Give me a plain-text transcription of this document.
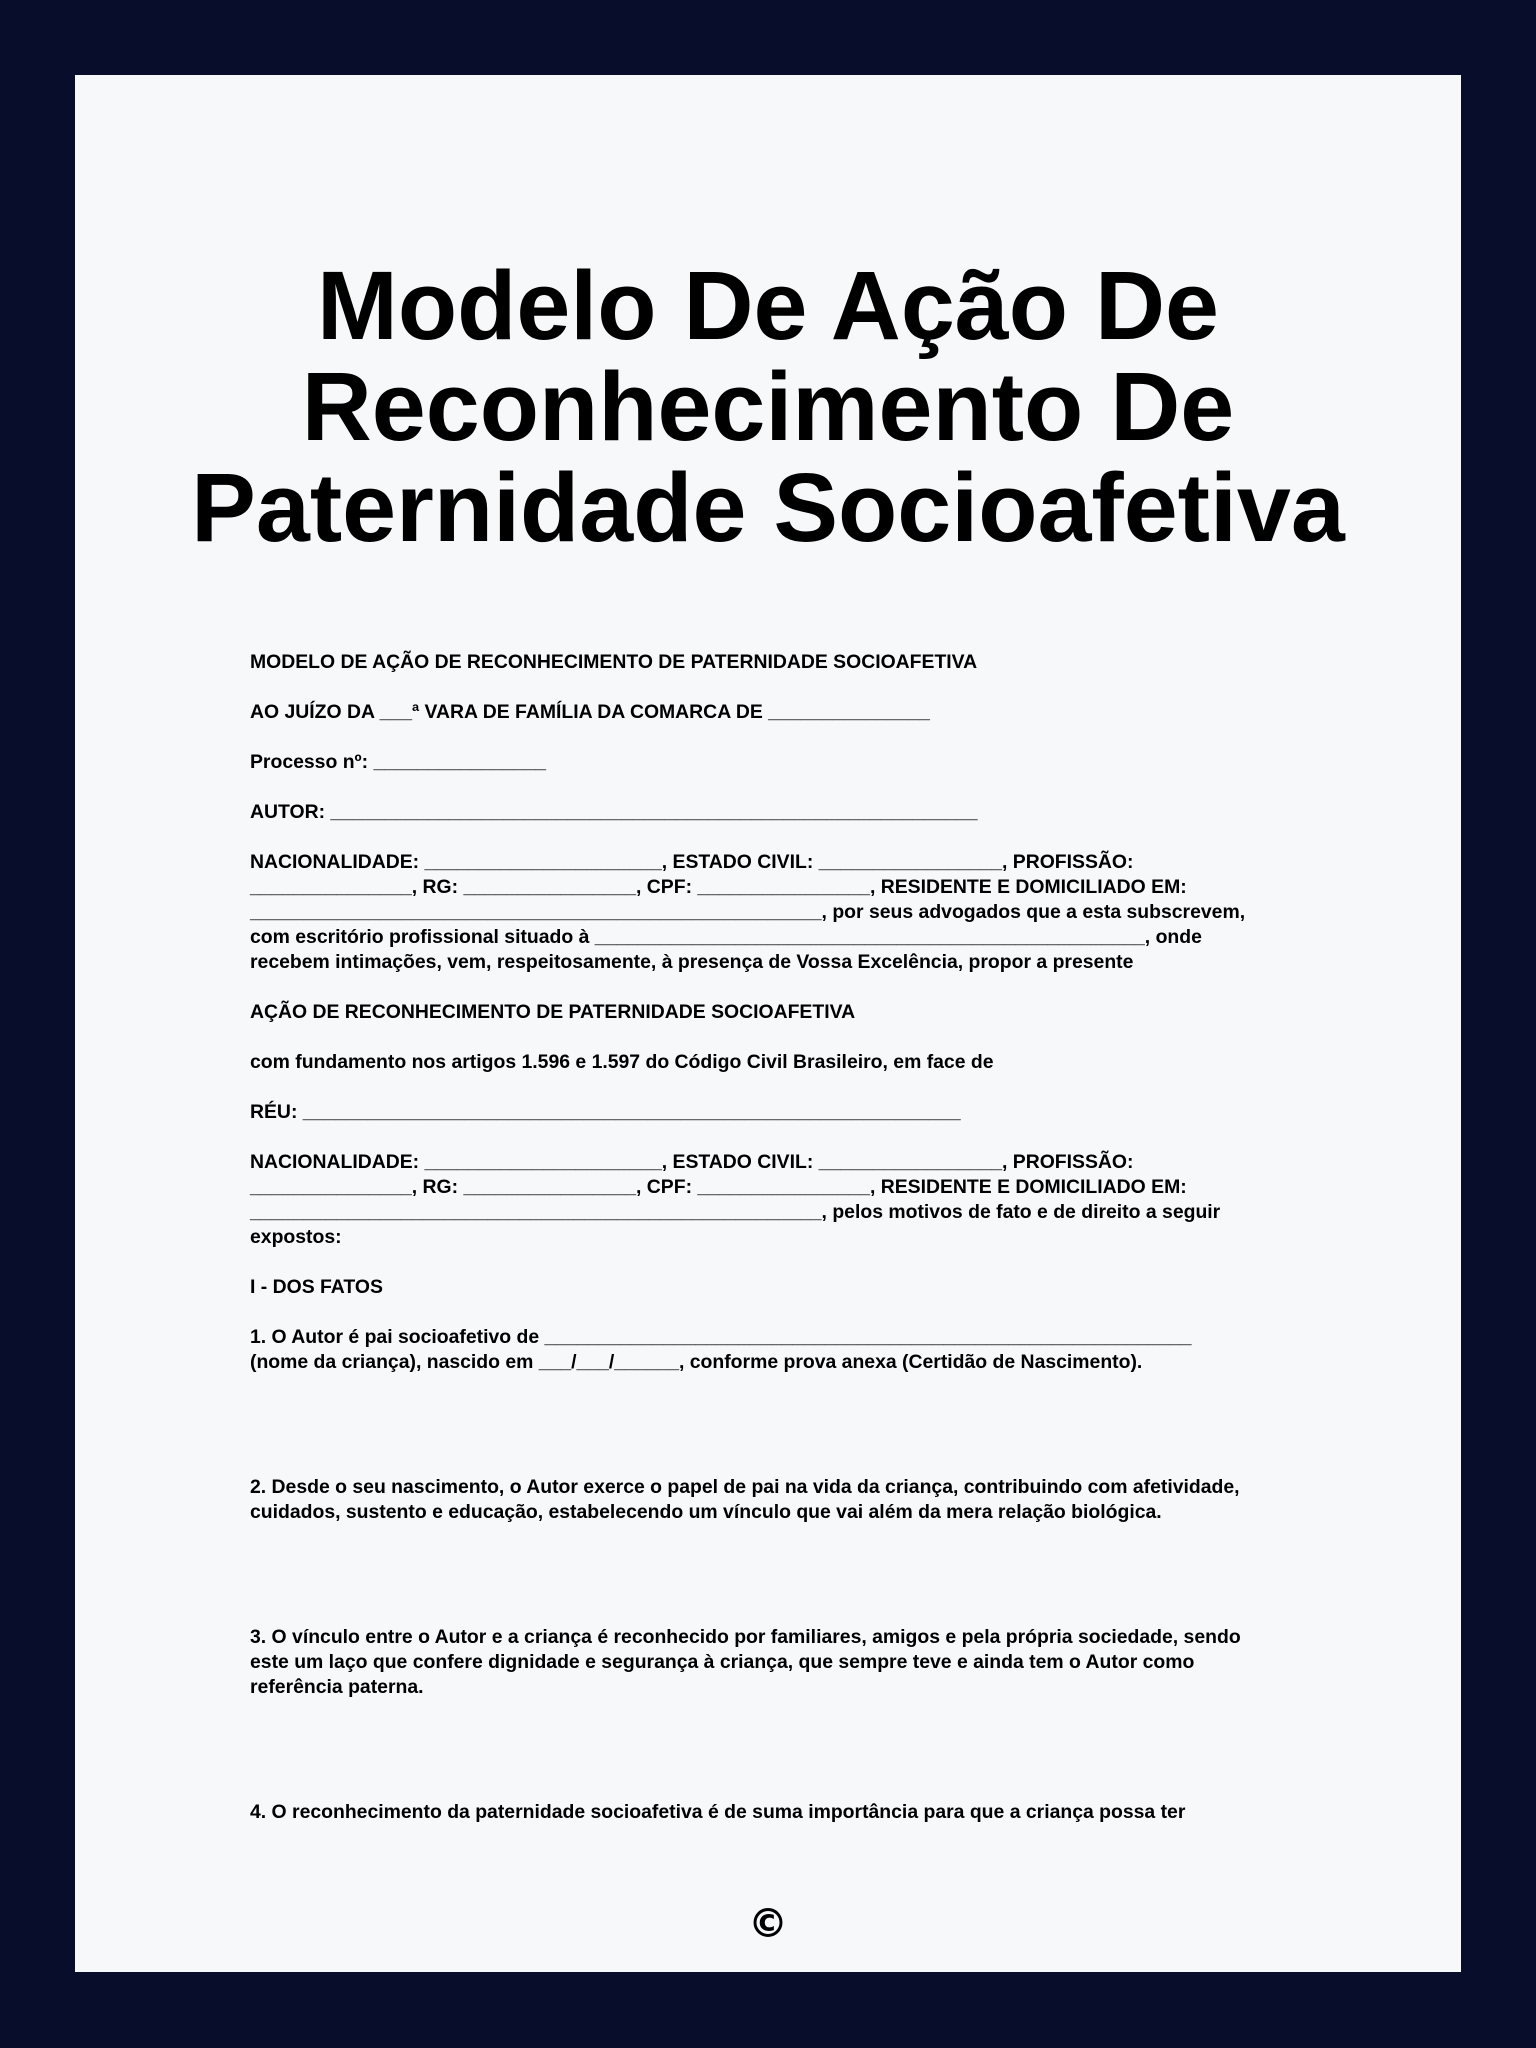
Modelo De Ação De
Reconhecimento De
Paternidade Socioafetiva

MODELO DE AÇÃO DE RECONHECIMENTO DE PATERNIDADE SOCIOAFETIVA

AO JUÍZO DA ___ª VARA DE FAMÍLIA DA COMARCA DE _______________

Processo nº: ________________

AUTOR: ____________________________________________________________

NACIONALIDADE: ______________________, ESTADO CIVIL: _________________, PROFISSÃO:
_______________, RG: ________________, CPF: ________________, RESIDENTE E DOMICILIADO EM:
_____________________________________________________, por seus advogados que a esta subscrevem,
com escritório profissional situado à ___________________________________________________, onde
recebem intimações, vem, respeitosamente, à presença de Vossa Excelência, propor a presente

AÇÃO DE RECONHECIMENTO DE PATERNIDADE SOCIOAFETIVA

com fundamento nos artigos 1.596 e 1.597 do Código Civil Brasileiro, em face de

RÉU: _____________________________________________________________

NACIONALIDADE: ______________________, ESTADO CIVIL: _________________, PROFISSÃO:
_______________, RG: ________________, CPF: ________________, RESIDENTE E DOMICILIADO EM:
_____________________________________________________, pelos motivos de fato e de direito a seguir
expostos:

I - DOS FATOS

1. O Autor é pai socioafetivo de ____________________________________________________________
(nome da criança), nascido em ___/___/______, conforme prova anexa (Certidão de Nascimento).

2. Desde o seu nascimento, o Autor exerce o papel de pai na vida da criança, contribuindo com afetividade,
cuidados, sustento e educação, estabelecendo um vínculo que vai além da mera relação biológica.

3. O vínculo entre o Autor e a criança é reconhecido por familiares, amigos e pela própria sociedade, sendo
este um laço que confere dignidade e segurança à criança, que sempre teve e ainda tem o Autor como
referência paterna.

4. O reconhecimento da paternidade socioafetiva é de suma importância para que a criança possa ter

©
